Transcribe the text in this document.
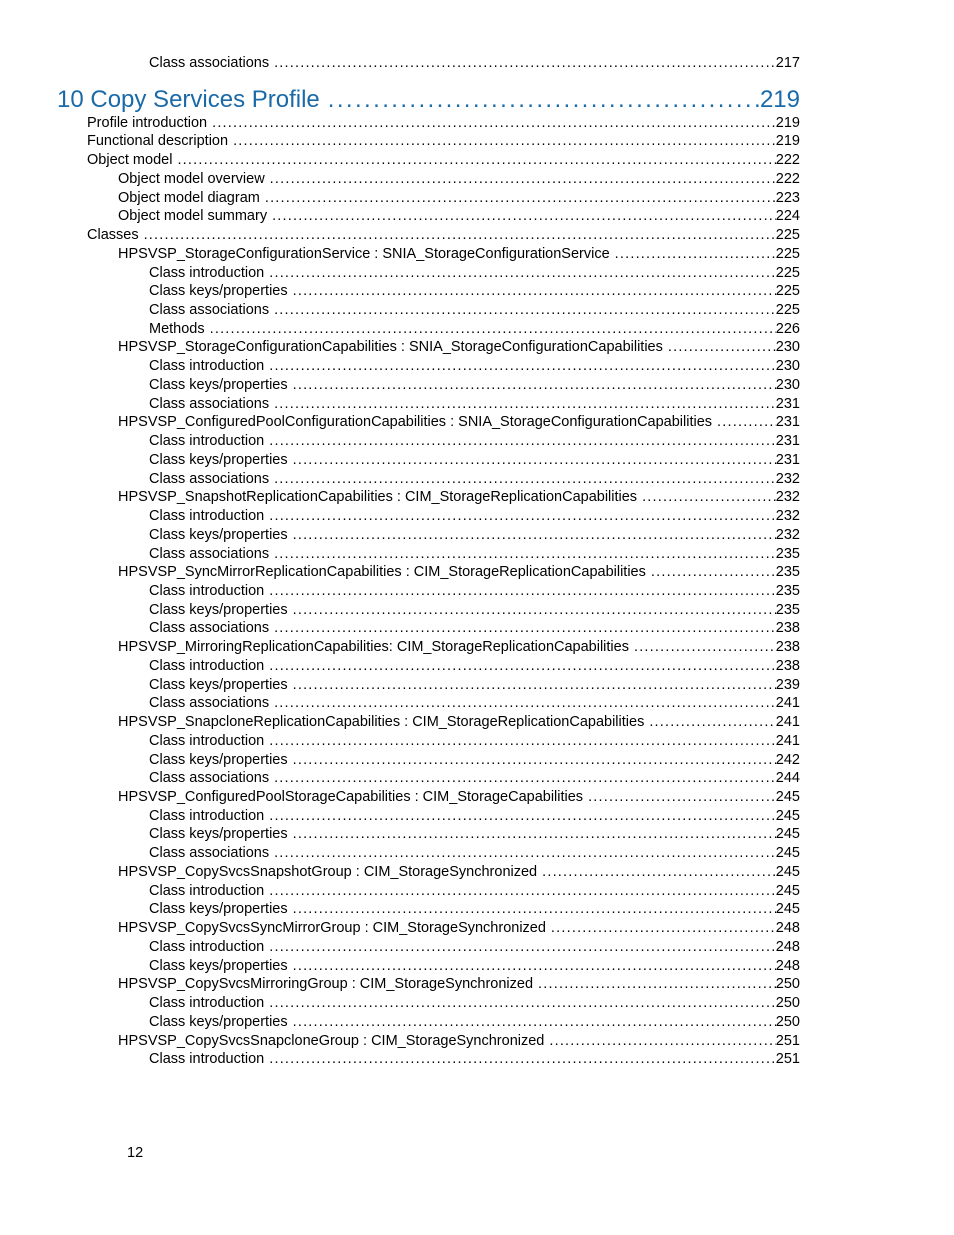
Class associations .....	217
10 Copy Services Profile .....	219
Profile introduction .....	219
Functional description .....	219
Object model .....	222
Object model overview .....	222
Object model diagram .....	223
Object model summary .....	224
Classes .....	225
HPSVSP_StorageConfigurationService : SNIA_StorageConfigurationService .....	225
Class introduction .....	225
Class keys/properties .....	225
Class associations .....	225
Methods .....	226
HPSVSP_StorageConfigurationCapabilities : SNIA_StorageConfigurationCapabilities .....	230
Class introduction .....	230
Class keys/properties .....	230
Class associations .....	231
HPSVSP_ConfiguredPoolConfigurationCapabilities : SNIA_StorageConfigurationCapabilities .....	231
Class introduction .....	231
Class keys/properties .....	231
Class associations .....	232
HPSVSP_SnapshotReplicationCapabilities : CIM_StorageReplicationCapabilities .....	232
Class introduction .....	232
Class keys/properties .....	232
Class associations .....	235
HPSVSP_SyncMirrorReplicationCapabilities : CIM_StorageReplicationCapabilities .....	235
Class introduction .....	235
Class keys/properties .....	235
Class associations .....	238
HPSVSP_MirroringReplicationCapabilities: CIM_StorageReplicationCapabilities .....	238
Class introduction .....	238
Class keys/properties .....	239
Class associations .....	241
HPSVSP_SnapcloneReplicationCapabilities : CIM_StorageReplicationCapabilities .....	241
Class introduction .....	241
Class keys/properties .....	242
Class associations .....	244
HPSVSP_ConfiguredPoolStorageCapabilities : CIM_StorageCapabilities .....	245
Class introduction .....	245
Class keys/properties .....	245
Class associations .....	245
HPSVSP_CopySvcsSnapshotGroup : CIM_StorageSynchronized .....	245
Class introduction .....	245
Class keys/properties .....	245
HPSVSP_CopySvcsSyncMirrorGroup : CIM_StorageSynchronized .....	248
Class introduction .....	248
Class keys/properties .....	248
HPSVSP_CopySvcsMirroringGroup : CIM_StorageSynchronized .....	250
Class introduction .....	250
Class keys/properties .....	250
HPSVSP_CopySvcsSnapcloneGroup : CIM_StorageSynchronized .....	251
Class introduction .....	251
12
